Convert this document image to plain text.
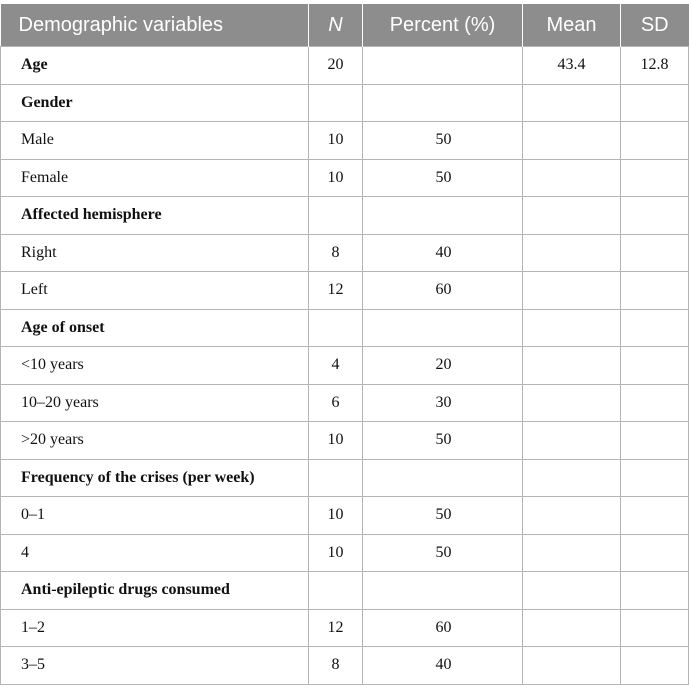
Demographic variables	N	Percent (%)	Mean	SD
Age	20		43.4	12.8
Gender				
Male	10	50		
Female	10	50		
Affected hemisphere				
Right	8	40		
Left	12	60		
Age of onset				
<10 years	4	20		
10–20 years	6	30		
>20 years	10	50		
Frequency of the crises (per week)				
0–1	10	50		
4	10	50		
Anti-epileptic drugs consumed				
1–2	12	60		
3–5	8	40		
